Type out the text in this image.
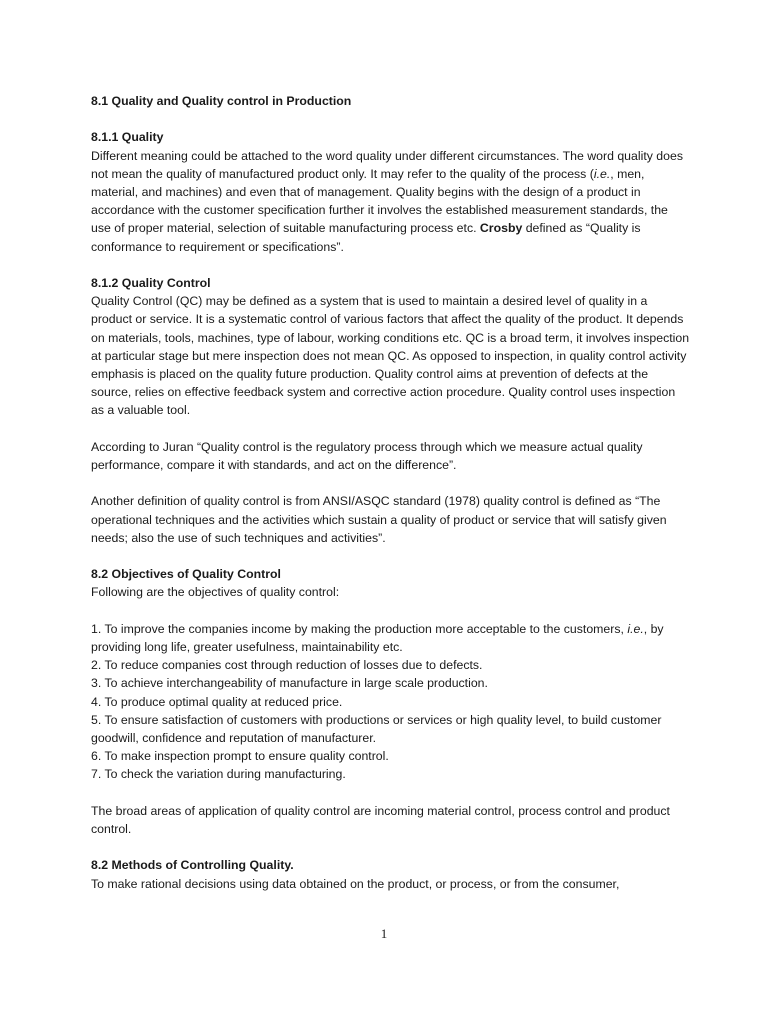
8.1 Quality and Quality control in Production

8.1.1 Quality

Different meaning could be attached to the word quality under different circumstances. The word quality does not mean the quality of manufactured product only. It may refer to the quality of the process (i.e., men, material, and machines) and even that of management. Quality begins with the design of a product in accordance with the customer specification further it involves the established measurement standards, the use of proper material, selection of suitable manufacturing process etc. Crosby defined as “Quality is conformance to requirement or specifications”.

8.1.2 Quality Control

Quality Control (QC) may be defined as a system that is used to maintain a desired level of quality in a product or service. It is a systematic control of various factors that affect the quality of the product. It depends on materials, tools, machines, type of labour, working conditions etc. QC is a broad term, it involves inspection at particular stage but mere inspection does not mean QC. As opposed to inspection, in quality control activity emphasis is placed on the quality future production. Quality control aims at prevention of defects at the source, relies on effective feedback system and corrective action procedure. Quality control uses inspection as a valuable tool.

According to Juran “Quality control is the regulatory process through which we measure actual quality performance, compare it with standards, and act on the difference”.

Another definition of quality control is from ANSI/ASQC standard (1978) quality control is defined as “The operational techniques and the activities which sustain a quality of product or service that will satisfy given needs; also the use of such techniques and activities”.

8.2 Objectives of Quality Control

Following are the objectives of quality control:

1. To improve the companies income by making the production more acceptable to the customers, i.e., by providing long life, greater usefulness, maintainability etc.

2. To reduce companies cost through reduction of losses due to defects.

3. To achieve interchangeability of manufacture in large scale production.

4. To produce optimal quality at reduced price.

5. To ensure satisfaction of customers with productions or services or high quality level, to build customer goodwill, confidence and reputation of manufacturer.

6. To make inspection prompt to ensure quality control.

7. To check the variation during manufacturing.

The broad areas of application of quality control are incoming material control, process control and product control.

8.2 Methods of Controlling Quality.

To make rational decisions using data obtained on the product, or process, or from the consumer,

1
